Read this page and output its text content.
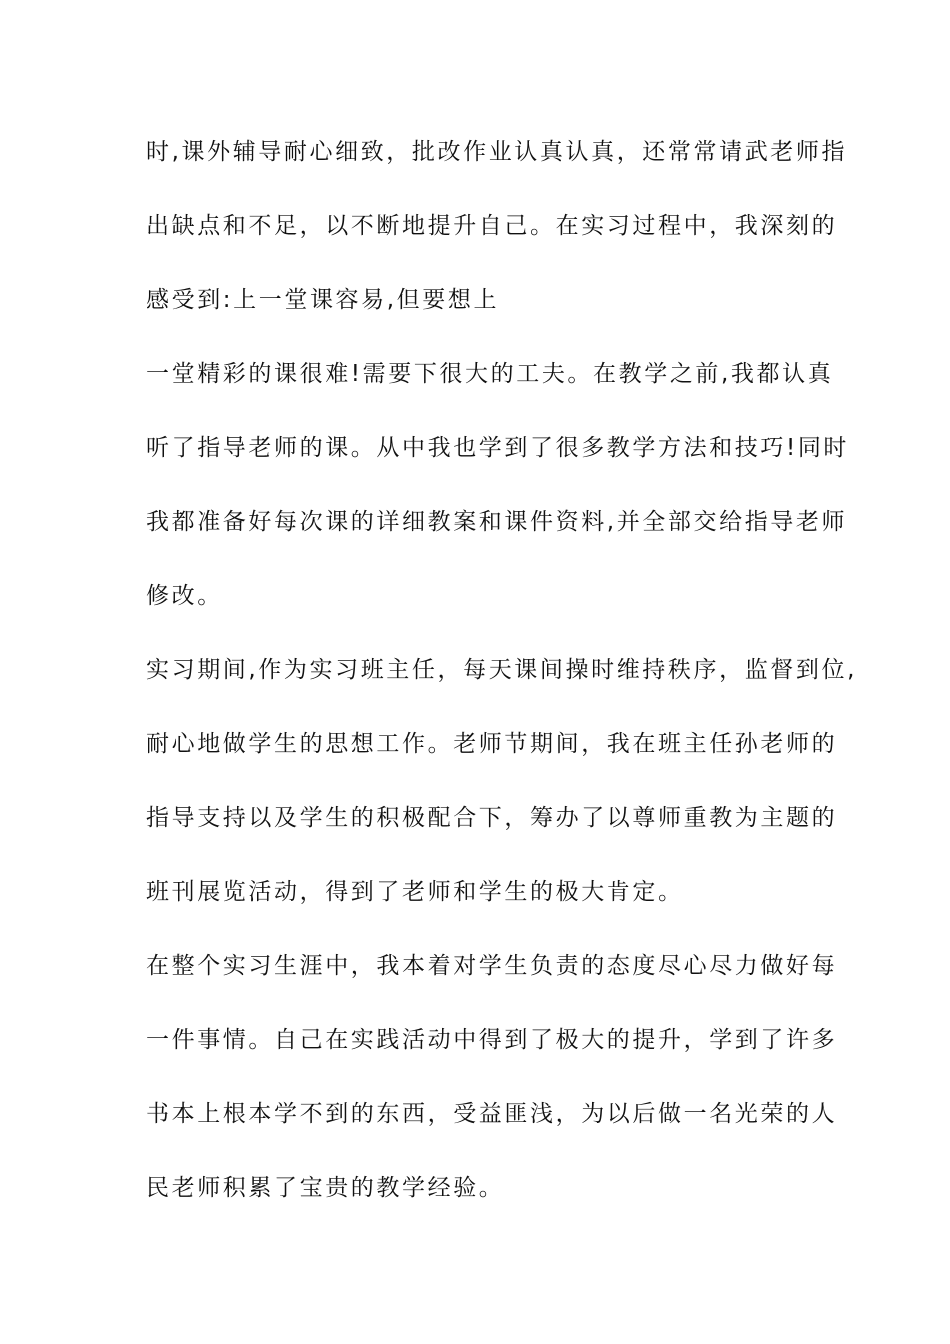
时,课外辅导耐心细致，批改作业认真认真，还常常请武老师指
出缺点和不足，以不断地提升自己。在实习过程中，我深刻的
感受到:上一堂课容易,但要想上
一堂精彩的课很难!需要下很大的工夫。在教学之前,我都认真
听了指导老师的课。从中我也学到了很多教学方法和技巧!同时
我都准备好每次课的详细教案和课件资料,并全部交给指导老师
修改。
实习期间,作为实习班主任，每天课间操时维持秩序，监督到位,
耐心地做学生的思想工作。老师节期间，我在班主任孙老师的
指导支持以及学生的积极配合下，筹办了以尊师重教为主题的
班刊展览活动，得到了老师和学生的极大肯定。
在整个实习生涯中，我本着对学生负责的态度尽心尽力做好每
一件事情。自己在实践活动中得到了极大的提升，学到了许多
书本上根本学不到的东西，受益匪浅，为以后做一名光荣的人
民老师积累了宝贵的教学经验。
